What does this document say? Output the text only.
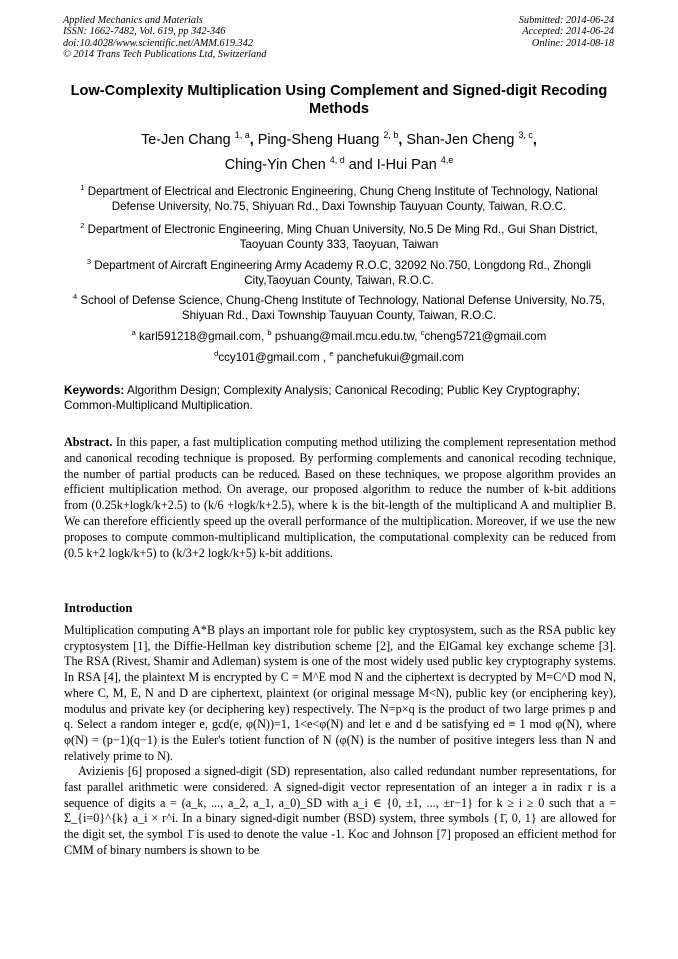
Applied Mechanics and Materials
ISSN: 1662-7482, Vol. 619, pp 342-346
doi:10.4028/www.scientific.net/AMM.619.342
© 2014 Trans Tech Publications Ltd, Switzerland
Submitted: 2014-06-24
Accepted: 2014-06-24
Online: 2014-08-18
Low-Complexity Multiplication Using Complement and Signed-digit Recoding Methods
Te-Jen Chang $^{1, a}$, Ping-Sheng Huang $^{2, b}$, Shan-Jen Cheng $^{3, c}$,
Ching-Yin Chen $^{4, d}$ and I-Hui Pan $^{4,e}$
$^1$ Department of Electrical and Electronic Engineering, Chung Cheng Institute of Technology, National Defense University, No.75, Shiyuan Rd., Daxi Township Tauyuan County, Taiwan, R.O.C.
$^2$ Department of Electronic Engineering, Ming Chuan University, No.5 De Ming Rd., Gui Shan District, Taoyuan County 333, Taoyuan, Taiwan
$^3$ Department of Aircraft Engineering Army Academy R.O.C, 32092 No.750, Longdong Rd., Zhongli City,Taoyuan County, Taiwan, R.O.C.
$^4$ School of Defense Science, Chung-Cheng Institute of Technology, National Defense University, No.75, Shiyuan Rd., Daxi Township Tauyuan County, Taiwan, R.O.C.
$^a$ karl591218@gmail.com, $^b$ pshuang@mail.mcu.edu.tw, $^c$cheng5721@gmail.com
$^d$ccy101@gmail.com , $^e$ panchefukui@gmail.com
Keywords: Algorithm Design; Complexity Analysis; Canonical Recoding; Public Key Cryptography; Common-Multiplicand Multiplication.
Abstract. In this paper, a fast multiplication computing method utilizing the complement representation method and canonical recoding technique is proposed. By performing complements and canonical recoding technique, the number of partial products can be reduced. Based on these techniques, we propose algorithm provides an efficient multiplication method. On average, our proposed algorithm to reduce the number of k-bit additions from (0.25k+logk/k+2.5) to (k/6 +logk/k+2.5), where k is the bit-length of the multiplicand A and multiplier B. We can therefore efficiently speed up the overall performance of the multiplication. Moreover, if we use the new proposes to compute common-multiplicand multiplication, the computational complexity can be reduced from (0.5 k+2 logk/k+5) to (k/3+2 logk/k+5) k-bit additions.
Introduction

Multiplication computing A*B plays an important role for public key cryptosystem, such as the RSA public key cryptosystem [1], the Diffie-Hellman key distribution scheme [2], and the ElGamal key exchange scheme [3]. The RSA (Rivest, Shamir and Adleman) system is one of the most widely used public key cryptography systems. In RSA [4], the plaintext M is encrypted by C = M^E mod N and the ciphertext is decrypted by M=C^D mod N, where C, M, E, N and D are ciphertext, plaintext (or original message M<N), public key (or enciphering key), modulus and private key (or deciphering key) respectively. The N=p×q is the product of two large primes p and q. Select a random integer e, gcd(e, φ(N))=1, 1<e<φ(N) and let e and d be satisfying ed ≡ 1 mod φ(N), where φ(N) = (p−1)(q−1) is the Euler's totient function of N (φ(N) is the number of positive integers less than N and relatively prime to N).

Avizienis [6] proposed a signed-digit (SD) representation, also called redundant number representations, for fast parallel arithmetic were considered. A signed-digit vector representation of an integer a in radix r is a sequence of digits a = (a_k, ..., a_2, a_1, a_0)_SD with a_i ∈ {0, ±1, ..., ±r−1} for k ≥ i ≥ 0 such that a = Σ_{i=0}^{k} a_i × r^i. In a binary signed-digit number (BSD) system, three symbols {1̄, 0, 1} are allowed for the digit set, the symbol 1̄ is used to denote the value -1. Koc and Johnson [7] proposed an efficient method for CMM of binary numbers is shown to be
